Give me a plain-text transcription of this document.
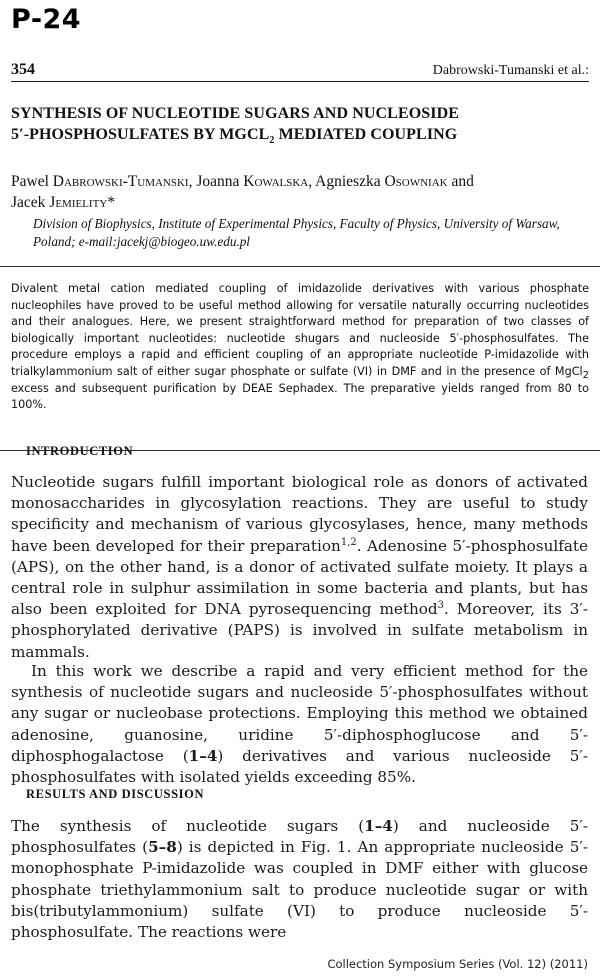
P-24
354	Dabrowski-Tumanski et al.:
SYNTHESIS OF NUCLEOTIDE SUGARS AND NUCLEOSIDE
5′-PHOSPHOSULFATES BY $MGCL_2$ MEDIATED COUPLING

Pawel Dabrowski-Tumanski, Joanna Kowalska, Agnieszka Osowniak and
Jacek Jemielity*

Division of Biophysics, Institute of Experimental Physics, Faculty of Physics, University of Warsaw, Poland; e-mail:jacekj@biogeo.uw.edu.pl

Divalent metal cation mediated coupling of imidazolide derivatives with various phosphate nucleophiles have proved to be useful method allowing for versatile naturally occurring nucleotides and their analogues. Here, we present straightforward method for preparation of two classes of biologically important nucleotides: nucleotide shugars and nucleoside 5′-phosphosulfates. The procedure employs a rapid and efficient coupling of an appropriate nucleotide P-imidazolide with trialkylammonium salt of either sugar phosphate or sulfate (VI) in DMF and in the presence of MgCl$_2$ excess and subsequent purification by DEAE Sephadex. The preparative yields ranged from 80 to 100%.

INTRODUCTION

Nucleotide sugars fulfill important biological role as donors of activated monosaccharides in glycosylation reactions. They are useful to study specificity and mechanism of various glycosylases, hence, many methods have been developed for their preparation$^{1,2}$. Adenosine 5′-phosphosulfate (APS), on the other hand, is a donor of activated sulfate moiety. It plays a central role in sulphur assimilation in some bacteria and plants, but has also been exploited for DNA pyrosequencing method$^3$. Moreover, its 3′-phosphorylated derivative (PAPS) is involved in sulfate metabolism in mammals.

In this work we describe a rapid and very efficient method for the synthesis of nucleotide sugars and nucleoside 5′-phosphosulfates without any sugar or nucleobase protections. Employing this method we obtained adenosine, guanosine, uridine 5′-diphosphoglucose and 5′-diphosphogalactose (1–4) derivatives and various nucleoside 5′-phosphosulfates with isolated yields exceeding 85%.

RESULTS AND DISCUSSION

The synthesis of nucleotide sugars (1–4) and nucleoside 5′-phosphosulfates (5–8) is depicted in Fig. 1. An appropriate nucleoside 5′-monophosphate P-imidazolide was coupled in DMF either with glucose phosphate triethylammonium salt to produce nucleotide sugar or with bis(tributylammonium) sulfate (VI) to produce nucleoside 5′-phosphosulfate. The reactions were

Collection Symposium Series (Vol. 12) (2011)
